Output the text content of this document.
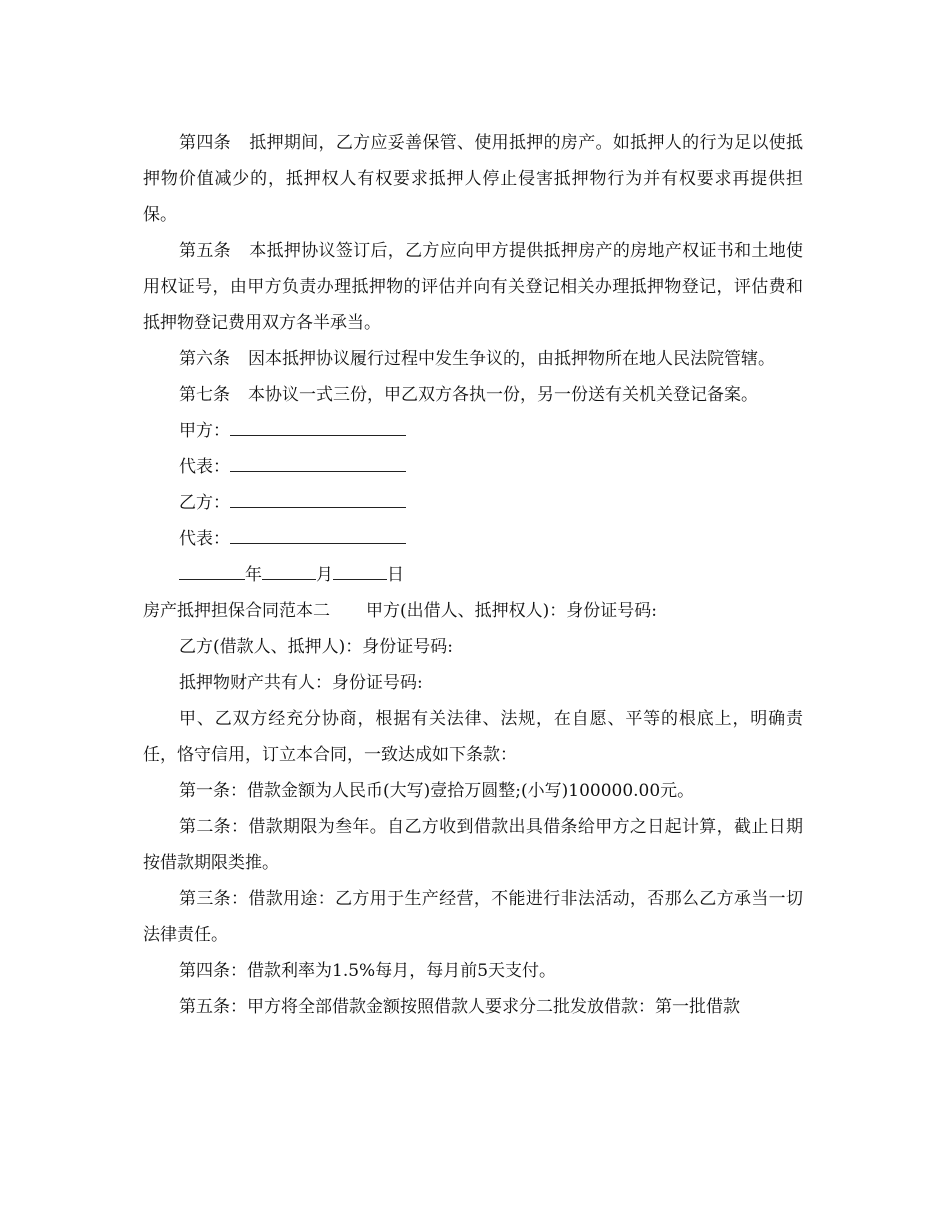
第四条 抵押期间，乙方应妥善保管、使用抵押的房产。如抵押人的行为足以使抵押物价值减少的，抵押权人有权要求抵押人停止侵害抵押物行为并有权要求再提供担保。

第五条 本抵押协议签订后，乙方应向甲方提供抵押房产的房地产权证书和土地使用权证号，由甲方负责办理抵押物的评估并向有关登记相关办理抵押物登记，评估费和抵押物登记费用双方各半承当。

第六条 因本抵押协议履行过程中发生争议的，由抵押物所在地人民法院管辖。

第七条 本协议一式三份，甲乙双方各执一份，另一份送有关机关登记备案。

甲方：

代表：

乙方：

代表：

年	月	日

房产抵押担保合同范本二 甲方(出借人、抵押权人)：身份证号码:

乙方(借款人、抵押人)：身份证号码:

抵押物财产共有人：身份证号码:

甲、乙双方经充分协商，根据有关法律、法规，在自愿、平等的根底上，明确责任，恪守信用，订立本合同，一致达成如下条款：

第一条：借款金额为人民币(大写)壹拾万圆整;(小写)100000.00元。

第二条：借款期限为叁年。自乙方收到借款出具借条给甲方之日起计算，截止日期按借款期限类推。

第三条：借款用途：乙方用于生产经营，不能进行非法活动，否那么乙方承当一切法律责任。

第四条：借款利率为1.5%每月，每月前5天支付。

第五条：甲方将全部借款金额按照借款人要求分二批发放借款：第一批借款
